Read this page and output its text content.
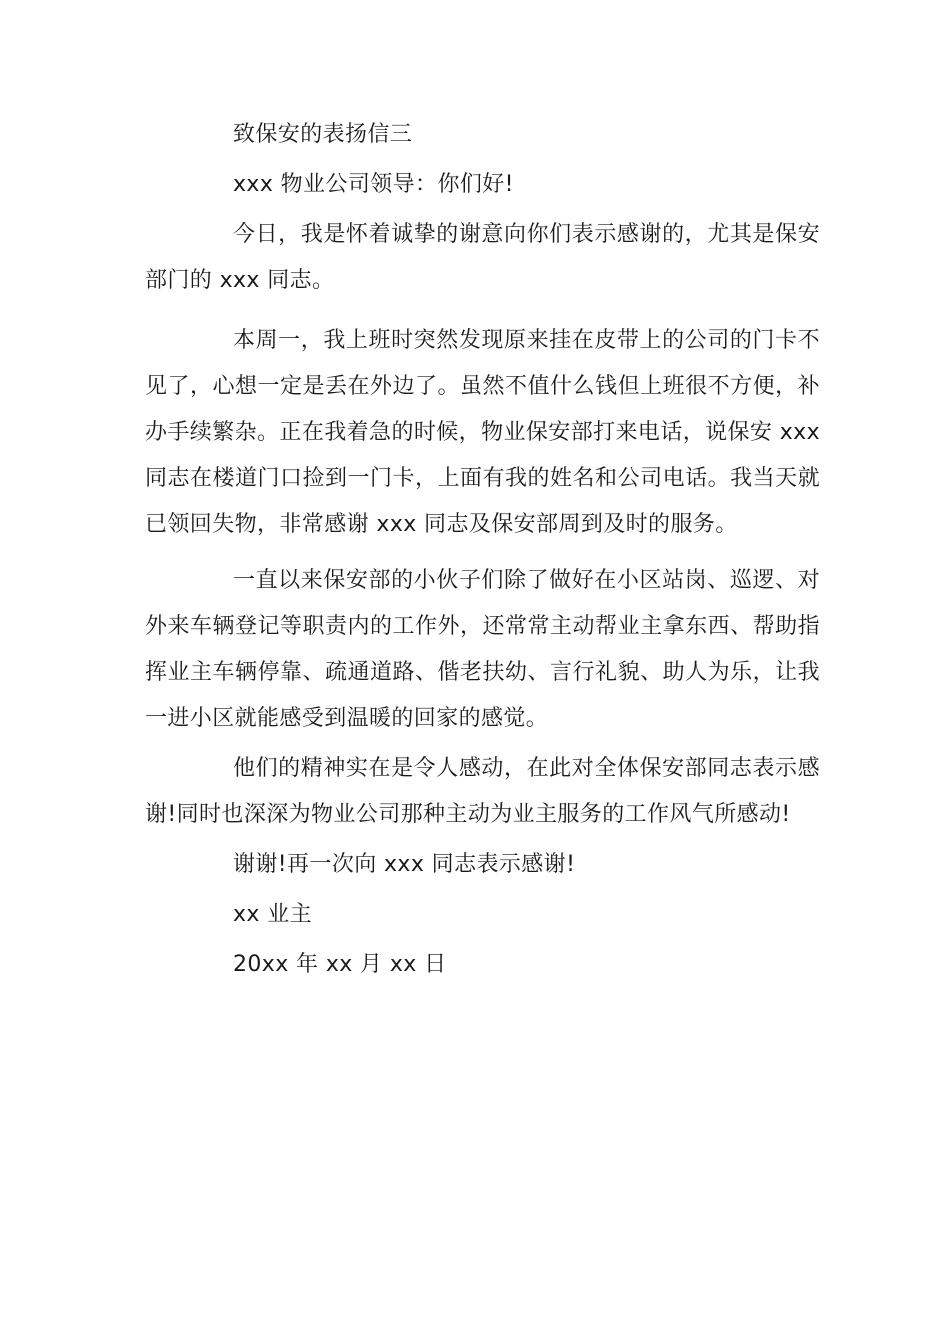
致保安的表扬信三

xxx 物业公司领导：你们好!

今日，我是怀着诚挚的谢意向你们表示感谢的，尤其是保安部门的 xxx 同志。

本周一，我上班时突然发现原来挂在皮带上的公司的门卡不见了，心想一定是丢在外边了。虽然不值什么钱但上班很不方便，补办手续繁杂。正在我着急的时候，物业保安部打来电话，说保安 xxx 同志在楼道门口捡到一门卡，上面有我的姓名和公司电话。我当天就已领回失物，非常感谢 xxx 同志及保安部周到及时的服务。

一直以来保安部的小伙子们除了做好在小区站岗、巡逻、对外来车辆登记等职责内的工作外，还常常主动帮业主拿东西、帮助指挥业主车辆停靠、疏通道路、偕老扶幼、言行礼貌、助人为乐，让我一进小区就能感受到温暖的回家的感觉。

他们的精神实在是令人感动，在此对全体保安部同志表示感谢!同时也深深为物业公司那种主动为业主服务的工作风气所感动!

谢谢!再一次向 xxx 同志表示感谢!

xx 业主

20xx 年 xx 月 xx 日
